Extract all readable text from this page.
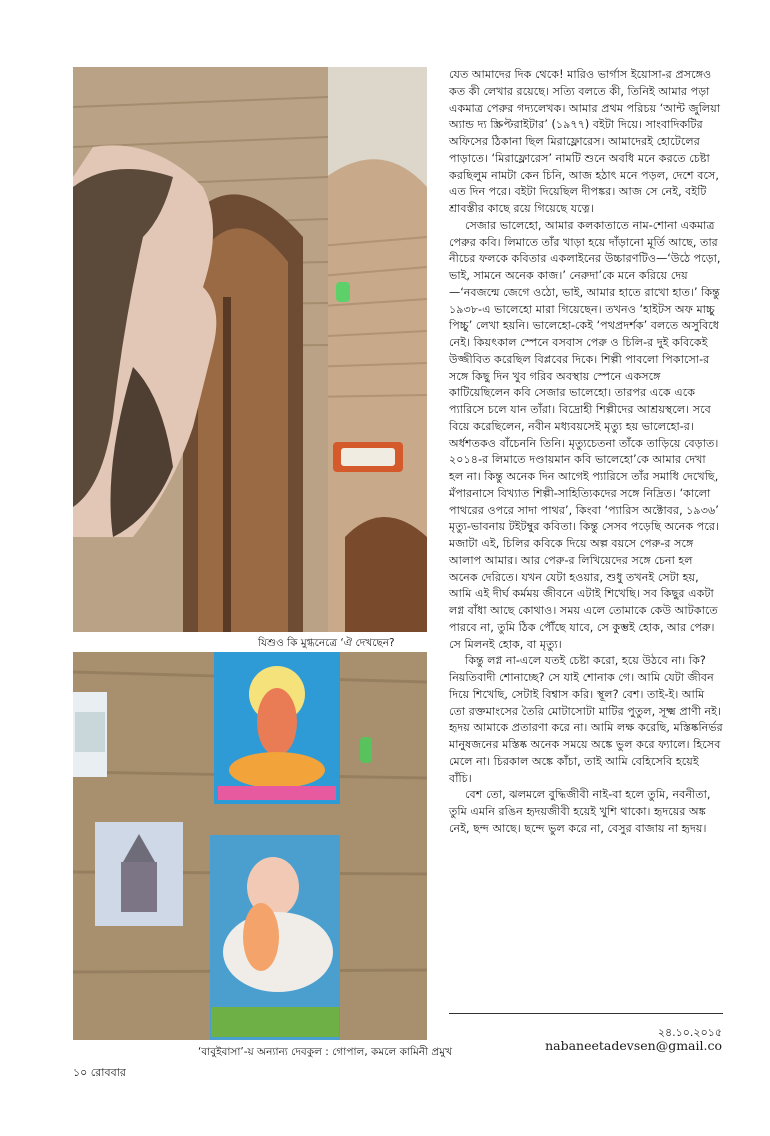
যিশুও কি মুগ্ধনেত্রে ‘ঐ দেখছেন?
‘বাবুইবাসা’-য় অন্যান্য দেবকুল : গোপাল, কমলে কামিনী প্রমুখ

যেত আমাদের দিক থেকে! মারিও ভার্গাস ইয়োসা-র প্রসঙ্গেও কত কী লেখার রয়েছে। সত্যি বলতে কী, তিনিই আমার পড়া একমাত্র পেরুর গদ্যলেখক। আমার প্রথম পরিচয় ‘আন্ট জুলিয়া অ্যান্ড দ্য স্ক্রিপ্টরাইটার’ (১৯৭৭) বইটা দিয়ে। সাংবাদিকটির অফিসের ঠিকানা ছিল মিরাফ্লোরেস। আমাদেরই হোটেলের পাড়াতে। ‘মিরাফ্লোরেস’ নামটি শুনে অবধি মনে করতে চেষ্টা করছিলুম নামটা কেন চিনি, আজ হঠাৎ মনে পড়ল, দেশে বসে, এত দিন পরে। বইটা দিয়েছিল দীপঙ্কর। আজ সে নেই, বইটি শ্রাবস্তীর কাছে রয়ে গিয়েছে যত্নে।

সেজার ভালেহো, আমার কলকাতাতে নাম-শোনা একমাত্র পেরুর কবি। লিমাতে তাঁর খাড়া হয়ে দাঁড়ানো মূর্তি আছে, তার নীচের ফলকে কবিতার একলাইনের উচ্চারণটিও—‘উঠে পড়ো, ভাই, সামনে অনেক কাজ।’ নেরুদা’কে মনে করিয়ে দেয়—‘নবজন্মে জেগে ওঠো, ভাই, আমার হাতে রাখো হাত।’ কিন্তু ১৯৩৮-এ ভালেহো মারা গিয়েছেন। তখনও ‘হাইটস অফ মাচ্চু পিচ্চু’ লেখা হয়নি। ভালেহো-কেই ‘পথপ্রদর্শক’ বলতে অসুবিধে নেই। কিয়ৎকাল স্পেনে বসবাস পেরু ও চিলি-র দুই কবিকেই উজ্জীবিত করেছিল বিপ্লবের দিকে। শিল্পী পাবলো পিকাসো-র সঙ্গে কিছু দিন খুব গরিব অবস্থায় স্পেনে একসঙ্গে কাটিয়েছিলেন কবি সেজার ভালেহো। তারপর একে একে প্যারিসে চলে যান তাঁরা। বিদ্রোহী শিল্পীদের আশ্রয়স্থলে। সবে বিয়ে করেছিলেন, নবীন মধ্যবয়সেই মৃত্যু হয় ভালেহো-র। অর্ধশতকও বাঁচেননি তিনি। মৃত্যুচেতনা তাঁকে তাড়িয়ে বেড়াত। ২০১৪-র লিমাতে দণ্ডায়মান কবি ভালেহো’কে আমার দেখা হল না। কিন্তু অনেক দিন আগেই প্যারিসে তাঁর সমাধি দেখেছি, মঁপারনাসে বিখ্যাত শিল্পী-সাহিত্যিকদের সঙ্গে নিদ্রিত। ‘কালো পাথরের ওপরে সাদা পাথর’, কিংবা ‘প্যারিস অক্টোবর, ১৯৩৬’ মৃত্যু-ভাবনায় টইটম্বুর কবিতা। কিন্তু সেসব পড়েছি অনেক পরে। মজাটা এই, চিলির কবিকে দিয়ে অল্প বয়সে পেরু-র সঙ্গে আলাপ আমার। আর পেরু-র লিখিয়েদের সঙ্গে চেনা হল অনেক দেরিতে। যখন যেটা হওয়ার, শুধু তখনই সেটা হয়, আমি এই দীর্ঘ কর্মময় জীবনে এটাই শিখেছি। সব কিছুর একটা লগ্ন বাঁধা আছে কোথাও। সময় এলে তোমাকে কেউ আটকাতে পারবে না, তুমি ঠিক পৌঁছে যাবে, সে কুম্ভই হোক, আর পেরু। সে মিলনই হোক, বা মৃত্যু।

কিন্তু লগ্ন না-এলে যতই চেষ্টা করো, হয়ে উঠবে না। কি? নিয়তিবাদী শোনাচ্ছে? সে যাই শোনাক গে। আমি যেটা জীবন দিয়ে শিখেছি, সেটাই বিশ্বাস করি। স্থূল? বেশ। তাই-ই। আমি তো রক্তমাংসের তৈরি মোটাসোটা মাটির পুতুল, সূক্ষ্ম প্রাণী নই। হৃদয় আমাকে প্রতারণা করে না। আমি লক্ষ করেছি, মস্তিষ্কনির্ভর মানুষজনের মস্তিষ্ক অনেক সময়ে অঙ্কে ভুল করে ফ্যালে। হিসেব মেলে না। চিরকাল অঙ্কে কাঁচা, তাই আমি বেহিসেবি হয়েই বাঁচি।

বেশ তো, ঝলমলে বুদ্ধিজীবী নাই-বা হলে তুমি, নবনীতা, তুমি এমনি রঙিন হৃদয়জীবী হয়েই খুশি থাকো। হৃদয়ের অঙ্ক নেই, ছন্দ আছে। ছন্দে ভুল করে না, বেসুর বাজায় না হৃদয়।

২৪.১০.২০১৫
nabaneetadevsen@gmail.co
১০ রোববার
